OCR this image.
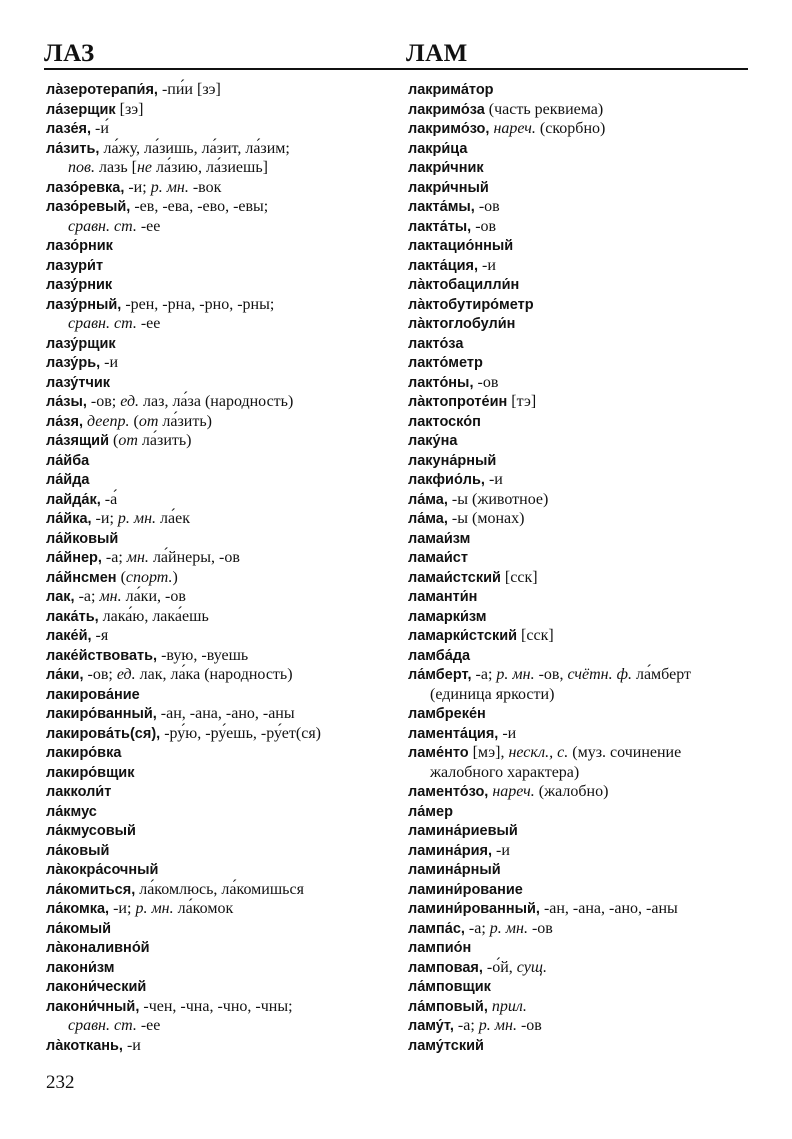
ЛАЗ	ЛАМ
ла̀зеротерапи́я, -пи́и [зэ]
ла́зерщик [зэ]
лазе́я, -и́
ла́зить, ла́жу, ла́зишь, ла́зит, ла́зим;
пов. лазь [не ла́зию, ла́зиешь]
лазо́ревка, -и; р. мн. -вок
лазо́ревый, -ев, -ева, -ево, -евы;
сравн. ст. -ее
лазо́рник
лазури́т
лазу́рник
лазу́рный, -рен, -рна, -рно, -рны;
сравн. ст. -ее
лазу́рщик
лазу́рь, -и
лазу́тчик
ла́зы, -ов; ед. лаз, ла́за (народность)
ла́зя, деепр. (от ла́зить)
ла́зящий (от ла́зить)
ла́йба
ла́йда
лайда́к, -а́
ла́йка, -и; р. мн. ла́ек
ла́йковый
ла́йнер, -а; мн. ла́йнеры, -ов
ла́йнсмен (спорт.)
лак, -а; мн. ла́ки, -ов
лака́ть, лака́ю, лака́ешь
лаке́й, -я
лаке́йствовать, -вую, -вуешь
ла́ки, -ов; ед. лак, ла́ка (народность)
лакирова́ние
лакиро́ванный, -ан, -ана, -ано, -аны
лакирова́ть(ся), -ру́ю, -ру́ешь, -ру́ет(ся)
лакиро́вка
лакиро́вщик
лакколи́т
ла́кмус
ла́кмусовый
ла́ковый
ла̀кокра́сочный
ла́комиться, ла́комлюсь, ла́комишься
ла́комка, -и; р. мн. ла́комок
ла́комый
ла̀коналивно́й
лакони́зм
лакони́ческий
лакони́чный, -чен, -чна, -чно, -чны;
сравн. ст. -ее
ла̀коткань, -и
лакрима́тор
лакримо́за (часть реквиема)
лакримо́зо, нареч. (скорбно)
лакри́ца
лакри́чник
лакри́чный
лакта́мы, -ов
лакта́ты, -ов
лактацио́нный
лакта́ция, -и
ла̀ктобацилли́н
ла̀ктобутиро́метр
ла̀ктоглобули́н
лакто́за
лакто́метр
лакто́ны, -ов
ла̀ктопроте́ин [тэ]
лактоско́п
лаку́на
лакуна́рный
лакфио́ль, -и
ла́ма, -ы (животное)
ла́ма, -ы (монах)
ламаи́зм
ламаи́ст
ламаи́стский [сск]
ламанти́н
ламарки́зм
ламарки́стский [сск]
ламба́да
ла́мберт, -а; р. мн. -ов, счётн. ф. ла́мберт
(единица яркости)
ламбреке́н
ламента́ция, -и
ламе́нто [мэ], нескл., с. (муз. сочинение
жалобного характера)
ламенто́зо, нареч. (жалобно)
ла́мер
ламина́риевый
ламина́рия, -и
ламина́рный
ламини́рование
ламини́рованный, -ан, -ана, -ано, -аны
лампа́с, -а; р. мн. -ов
лампио́н
ламповая, -о́й, сущ.
ла́мповщик
ла́мповый, прил.
ламу́т, -а; р. мн. -ов
ламу́тский
232
